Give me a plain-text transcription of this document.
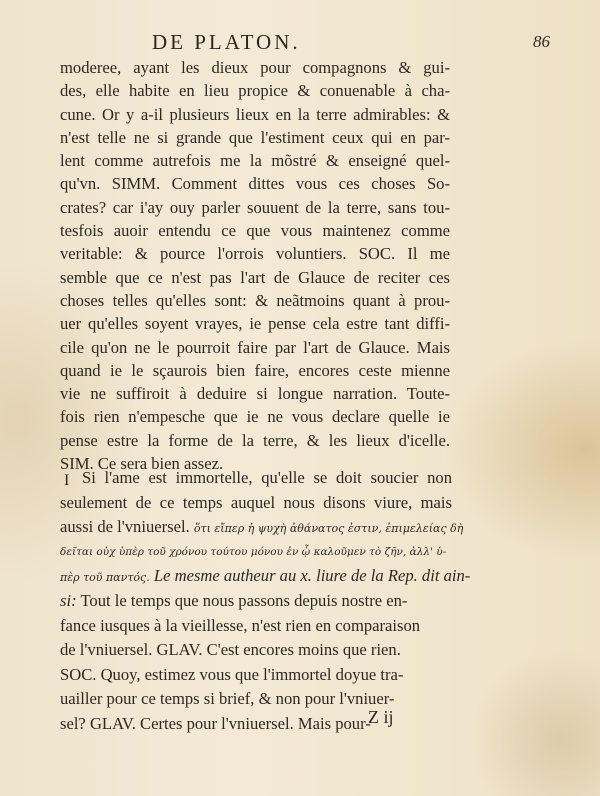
DE PLATON.	86
moderee, ayant les dieux pour compagnons & gui-
des, elle habite en lieu propice & conuenable à cha-
cune. Or y a-il plusieurs lieux en la terre admirables: &
n'est telle ne si grande que l'estiment ceux qui en par-
lent comme autrefois me la mõstré & enseigné quel-
qu'vn. SIMM. Comment dittes vous ces choses So-
crates? car i'ay ouy parler souuent de la terre, sans tou-
tesfois auoir entendu ce que vous maintenez comme
veritable: & pource l'orrois voluntiers. SOC. Il me
semble que ce n'est pas l'art de Glauce de reciter ces
choses telles qu'elles sont: & neãtmoins quant à prou-
uer qu'elles soyent vrayes, ie pense cela estre tant diffi-
cile qu'on ne le pourroit faire par l'art de Glauce. Mais
quand ie le sçaurois bien faire, encores ceste mienne
vie ne suffiroit à deduire si longue narration. Toute-
fois rien n'empesche que ie ne vous declare quelle ie
pense estre la forme de la terre, & les lieux d'icelle.
SIM. Ce sera bien assez.
I Si l'ame est immortelle, qu'elle se doit soucier non
seulement de ce temps auquel nous disons viure, mais
aussi de l'vniuersel. ὅτι εἴπερ ἡ ψυχὴ ἀθάνατος ἐστιν, ἐπιμελείας δὴ
δεῖται οὐχ ὑπὲρ τοῦ χρόνου τούτου μόνου ἐν ᾧ καλοῦμεν τὸ ζῆν, ἀλλ' ὑ-
πὲρ τοῦ παντός. Le mesme autheur au x. liure de la Rep. dit ain-
si: Tout le temps que nous passons depuis nostre en-
fance iusques à la vieillesse, n'est rien en comparaison
de l'vniuersel. GLAV. C'est encores moins que rien.
SOC. Quoy, estimez vous que l'immortel doyue tra-
uailler pour ce temps si brief, & non pour l'vniuer-
sel? GLAV. Certes pour l'vniuersel. Mais pour-
Z ij
